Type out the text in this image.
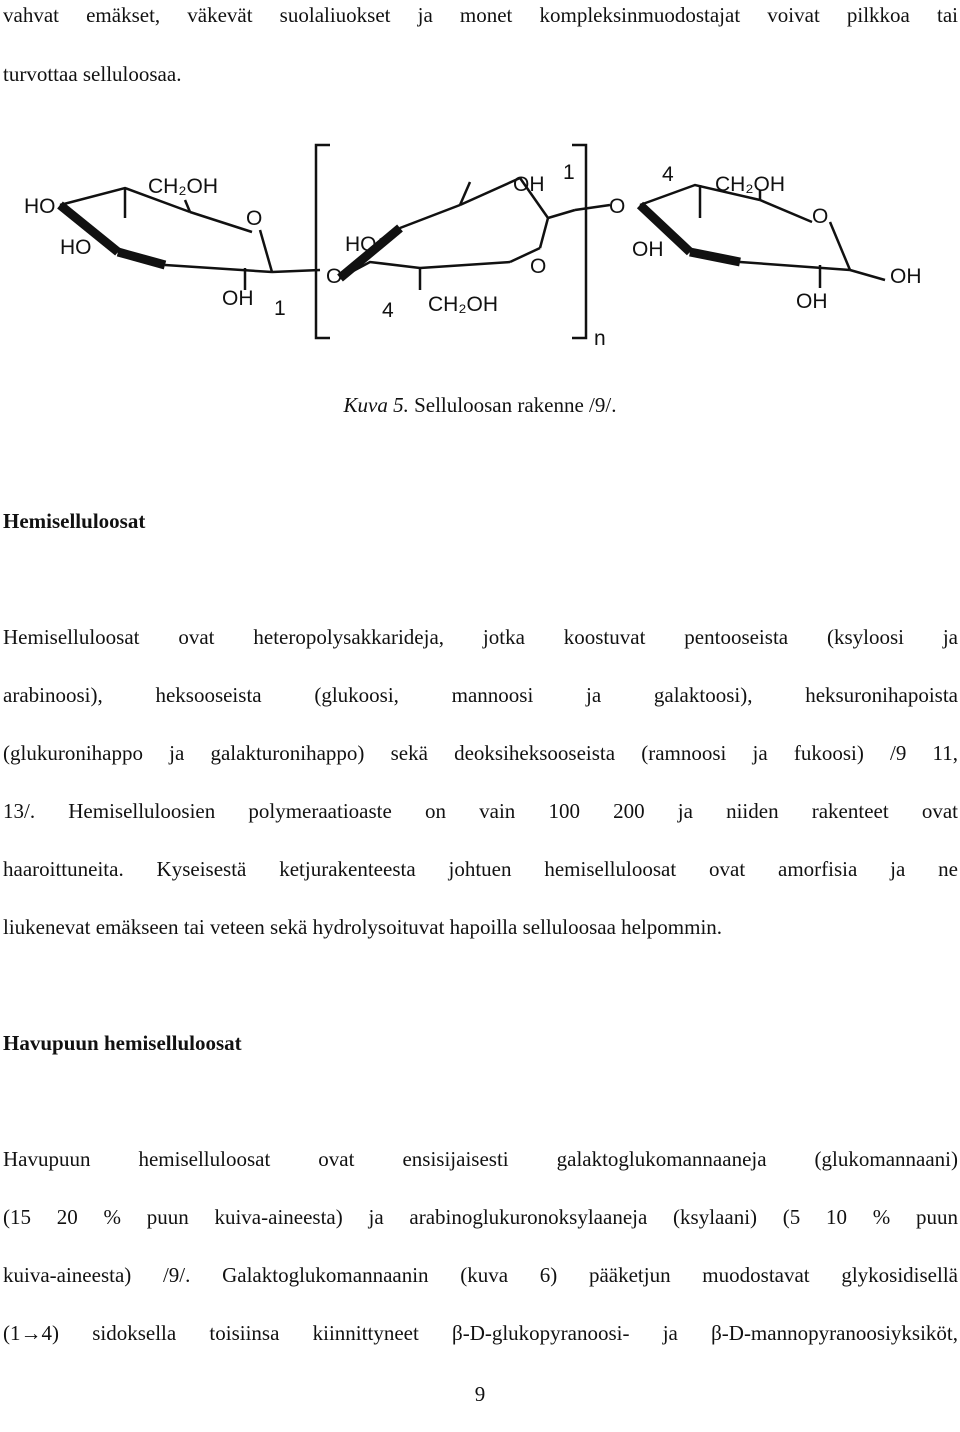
vahvat emäkset, väkevät suolaliuokset ja monet kompleksinmuodostajat voivat pilkkoa tai
turvottaa selluloosaa.
HO
CH₂OH
O
HO
OH 1
O
HO
4 CH₂OH
OH
1
O
O
4 CH₂OH
O
OH
OH
OH
n
Kuva 5. Selluloosan rakenne /9/.
Hemiselluloosat
Hemiselluloosat ovat heteropolysakkarideja, jotka koostuvat pentooseista (ksyloosi ja
arabinoosi), heksooseista (glukoosi, mannoosi ja galaktoosi), heksuronihapoista
(glukuronihappo ja galakturonihappo) sekä deoksiheksooseista (ramnoosi ja fukoosi) /9 11,
13/. Hemiselluloosien polymeraatioaste on vain 100 200 ja niiden rakenteet ovat
haaroittuneita. Kyseisestä ketjurakenteesta johtuen hemiselluloosat ovat amorfisia ja ne
liukenevat emäkseen tai veteen sekä hydrolysoituvat hapoilla selluloosaa helpommin.
Havupuun hemiselluloosat
Havupuun hemiselluloosat ovat ensisijaisesti galaktoglukomannaaneja (glukomannaani)
(15 20 % puun kuiva-aineesta) ja arabinoglukuronoksylaaneja (ksylaani) (5 10 % puun
kuiva-aineesta) /9/. Galaktoglukomannaanin (kuva 6) pääketjun muodostavat glykosidisellä
(1→4) sidoksella toisiinsa kiinnittyneet β-D-glukopyranoosi- ja β-D-mannopyranoosiyksiköt,
9
